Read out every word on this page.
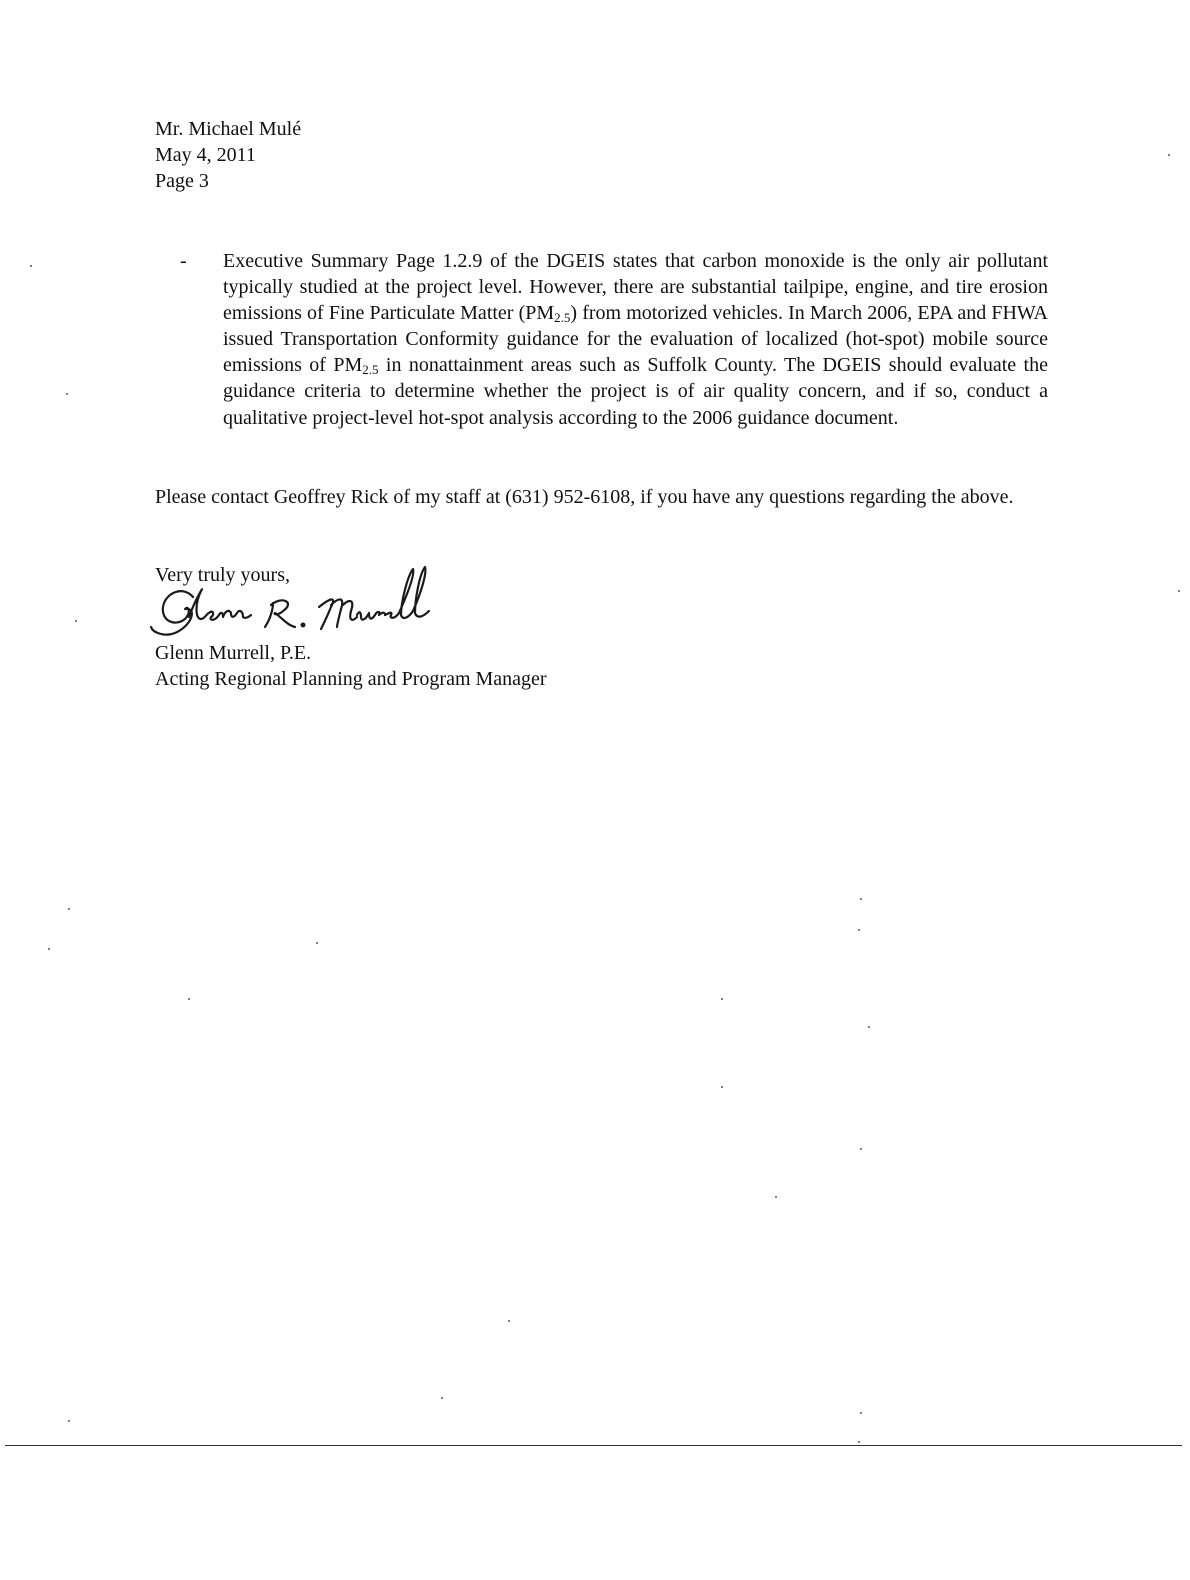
Mr. Michael Mulé
May 4, 2011
Page 3
- Executive Summary Page 1.2.9 of the DGEIS states that carbon monoxide is the only air pollutant typically studied at the project level. However, there are substantial tailpipe, engine, and tire erosion emissions of Fine Particulate Matter $(PM_{2.5})$ from motorized vehicles. In March 2006, EPA and FHWA issued Transportation Conformity guidance for the evaluation of localized (hot-spot) mobile source emissions of $PM_{2.5}$ in nonattainment areas such as Suffolk County. The DGEIS should evaluate the guidance criteria to determine whether the project is of air quality concern, and if so, conduct a qualitative project-level hot-spot analysis according to the 2006 guidance document.
Please contact Geoffrey Rick of my staff at (631) 952-6108, if you have any questions regarding the above.
Very truly yours,
Glenn Murrell, P.E.
Acting Regional Planning and Program Manager
